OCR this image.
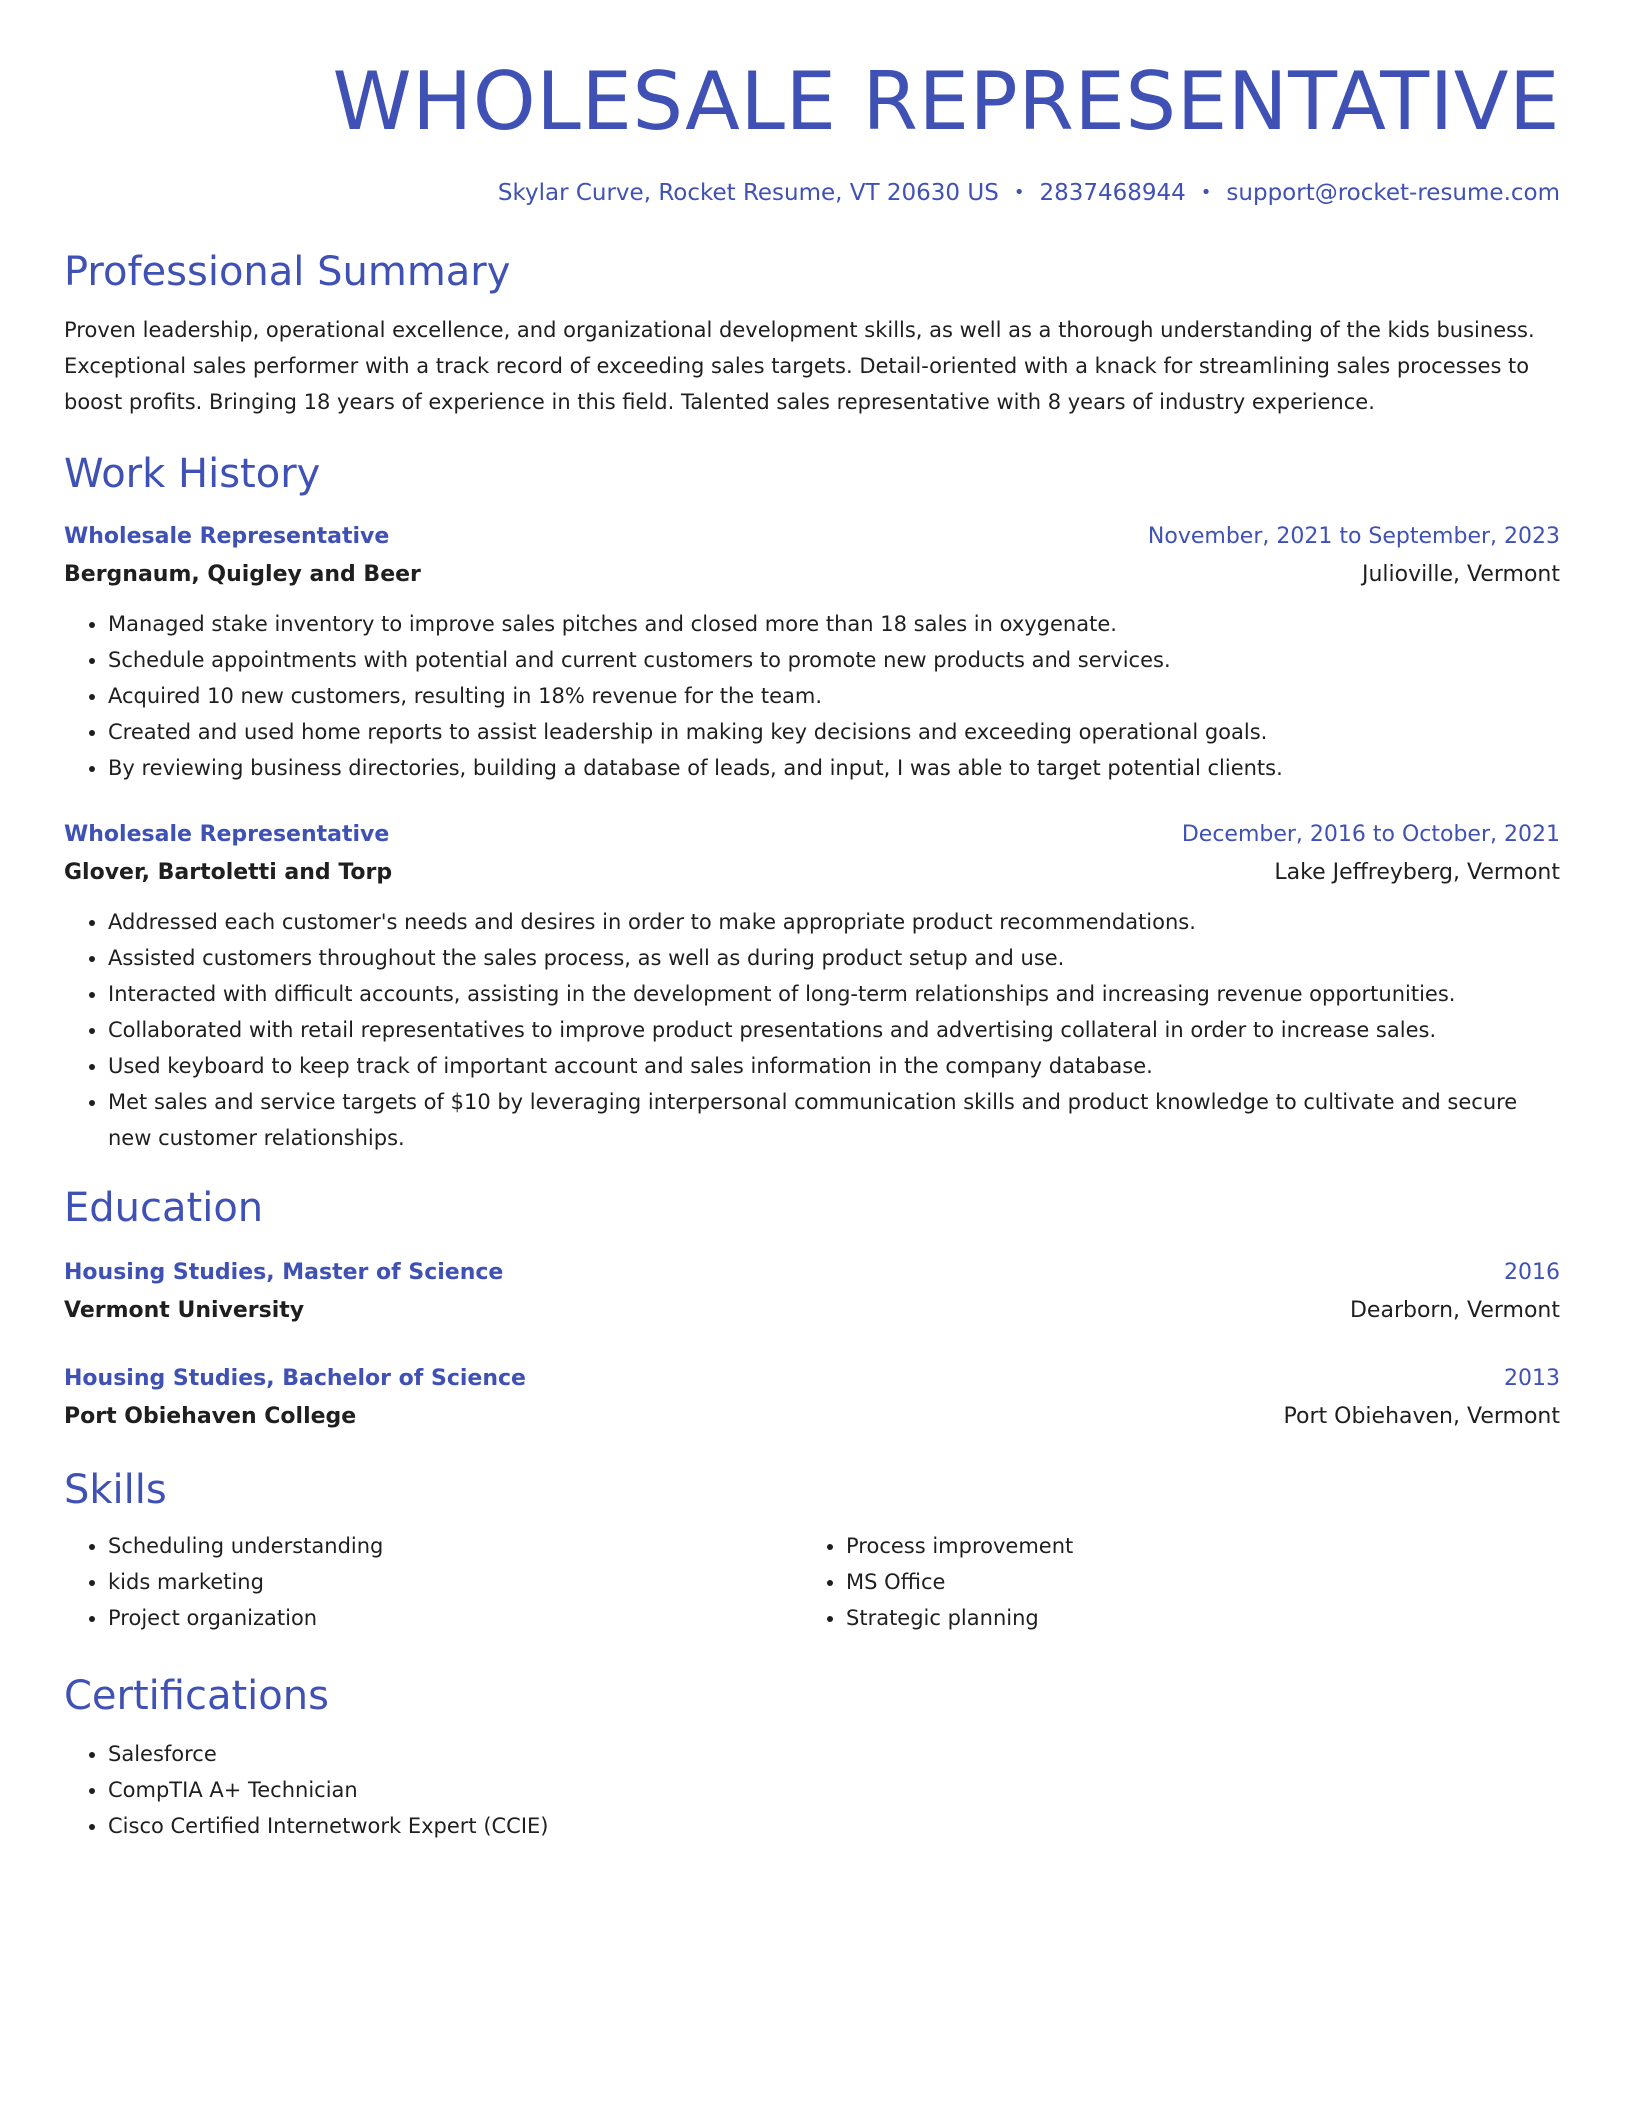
WHOLESALE REPRESENTATIVE
Skylar Curve, Rocket Resume, VT 20630 US • 2837468944 • support@rocket-resume.com
Professional Summary
Proven leadership, operational excellence, and organizational development skills, as well as a thorough understanding of the kids business. Exceptional sales performer with a track record of exceeding sales targets. Detail-oriented with a knack for streamlining sales processes to boost profits. Bringing 18 years of experience in this field. Talented sales representative with 8 years of industry experience.
Work History
Wholesale Representative	November, 2021 to September, 2023
Bergnaum, Quigley and Beer	Julioville, Vermont
• Managed stake inventory to improve sales pitches and closed more than 18 sales in oxygenate.
• Schedule appointments with potential and current customers to promote new products and services.
• Acquired 10 new customers, resulting in 18% revenue for the team.
• Created and used home reports to assist leadership in making key decisions and exceeding operational goals.
• By reviewing business directories, building a database of leads, and input, I was able to target potential clients.
Wholesale Representative	December, 2016 to October, 2021
Glover, Bartoletti and Torp	Lake Jeffreyberg, Vermont
• Addressed each customer's needs and desires in order to make appropriate product recommendations.
• Assisted customers throughout the sales process, as well as during product setup and use.
• Interacted with difficult accounts, assisting in the development of long-term relationships and increasing revenue opportunities.
• Collaborated with retail representatives to improve product presentations and advertising collateral in order to increase sales.
• Used keyboard to keep track of important account and sales information in the company database.
• Met sales and service targets of $10 by leveraging interpersonal communication skills and product knowledge to cultivate and secure new customer relationships.
Education
Housing Studies, Master of Science	2016
Vermont University	Dearborn, Vermont
Housing Studies, Bachelor of Science	2013
Port Obiehaven College	Port Obiehaven, Vermont
Skills
• Scheduling understanding
• kids marketing
• Project organization
• Process improvement
• MS Office
• Strategic planning
Certifications
• Salesforce
• CompTIA A+ Technician
• Cisco Certified Internetwork Expert (CCIE)
